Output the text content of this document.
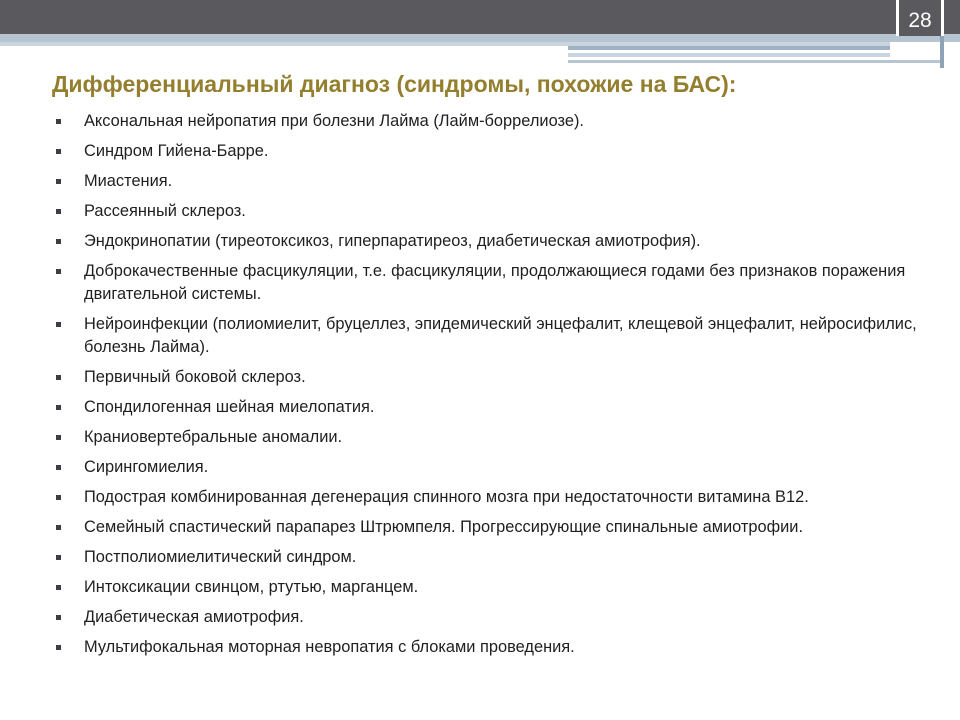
28
Дифференциальный диагноз (синдромы, похожие на БАС):
Аксональная нейропатия при болезни Лайма (Лайм-боррелиозе).
Синдром Гийена-Барре.
Миастения.
Рассеянный склероз.
Эндокринопатии (тиреотоксикоз, гиперпаратиреоз, диабетическая амиотрофия).
Доброкачественные фасцикуляции, т.е. фасцикуляции, продолжающиеся годами без признаков поражения двигательной системы.
Нейроинфекции (полиомиелит, бруцеллез, эпидемический энцефалит, клещевой энцефалит, нейросифилис, болезнь Лайма).
Первичный боковой склероз.
Спондилогенная шейная миелопатия.
Краниовертебральные аномалии.
Сирингомиелия.
Подострая комбинированная дегенерация спинного мозга при недостаточности витамина В12.
Семейный спастический парапарез Штрюмпеля. Прогрессирующие спинальные амиотрофии.
Постполиомиелитический синдром.
Интоксикации свинцом, ртутью, марганцем.
Диабетическая амиотрофия.
Мультифокальная моторная невропатия с блоками проведения.
